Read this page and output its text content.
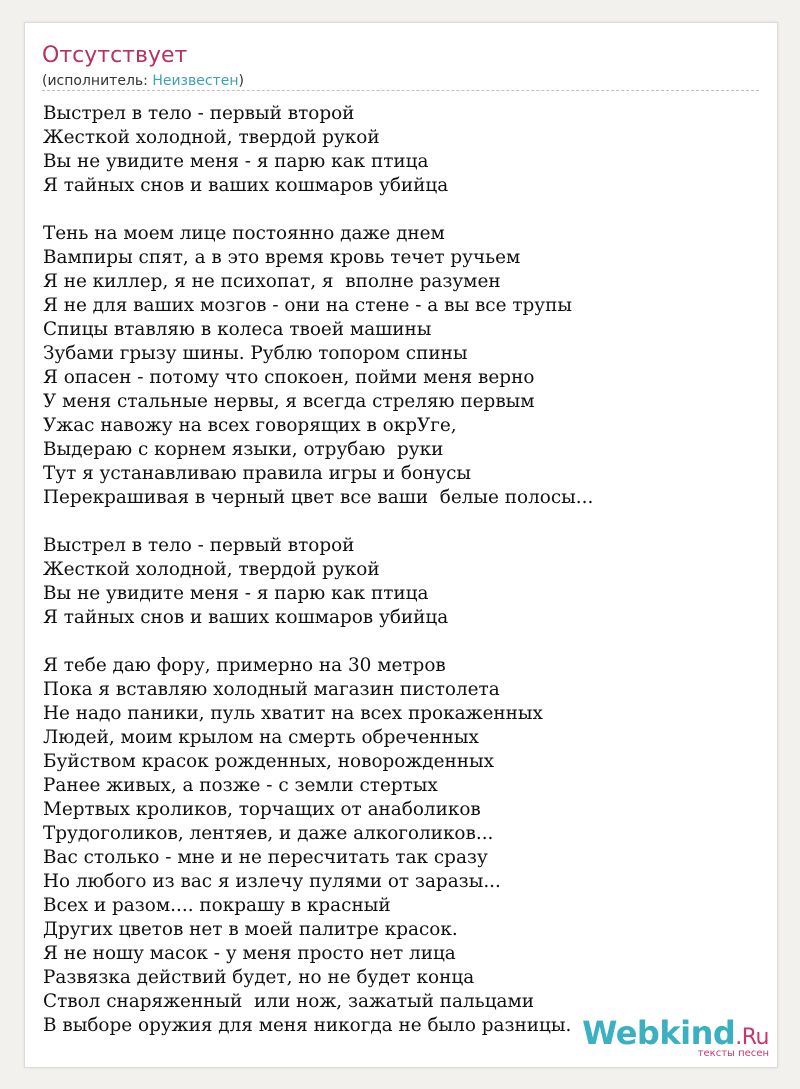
Отсутствует
(исполнитель: Неизвестен)
Выстрел в тело - первый второй
Жесткой холодной, твердой рукой
Вы не увидите меня - я парю как птица
Я тайных снов и ваших кошмаров убийца
Тень на моем лице постоянно даже днем
Вампиры спят, а в это время кровь течет ручьем
Я не киллер, я не психопат, я  вполне разумен
Я не для ваших мозгов - они на стене - а вы все трупы
Спицы втавляю в колеса твоей машины
Зубами грызу шины. Рублю топором спины
Я опасен - потому что спокоен, пойми меня верно
У меня стальные нервы, я всегда стреляю первым
Ужас навожу на всех говорящих в окрУге,
Выдераю с корнем языки, отрубаю  руки
Тут я устанавливаю правила игры и бонусы
Перекрашивая в черный цвет все ваши  белые полосы...
Выстрел в тело - первый второй
Жесткой холодной, твердой рукой
Вы не увидите меня - я парю как птица
Я тайных снов и ваших кошмаров убийца
Я тебе даю фору, примерно на 30 метров
Пока я вставляю холодный магазин пистолета
Не надо паники, пуль хватит на всех прокаженных
Людей, моим крылом на смерть обреченных
Буйством красок рожденных, новорожденных
Ранее живых, а позже - с земли стертых
Мертвых кроликов, торчащих от анаболиков
Трудоголиков, лентяев, и даже алкоголиков...
Вас столько - мне и не пересчитать так сразу
Но любого из вас я излечу пулями от заразы...
Всех и разом.... покрашу в красный
Других цветов нет в моей палитре красок.
Я не ношу масок - у меня просто нет лица
Развязка действий будет, но не будет конца
Ствол снаряженный  или нож, зажатый пальцами
В выборе оружия для меня никогда не было разницы. Webkind.Ru
тексты песен
